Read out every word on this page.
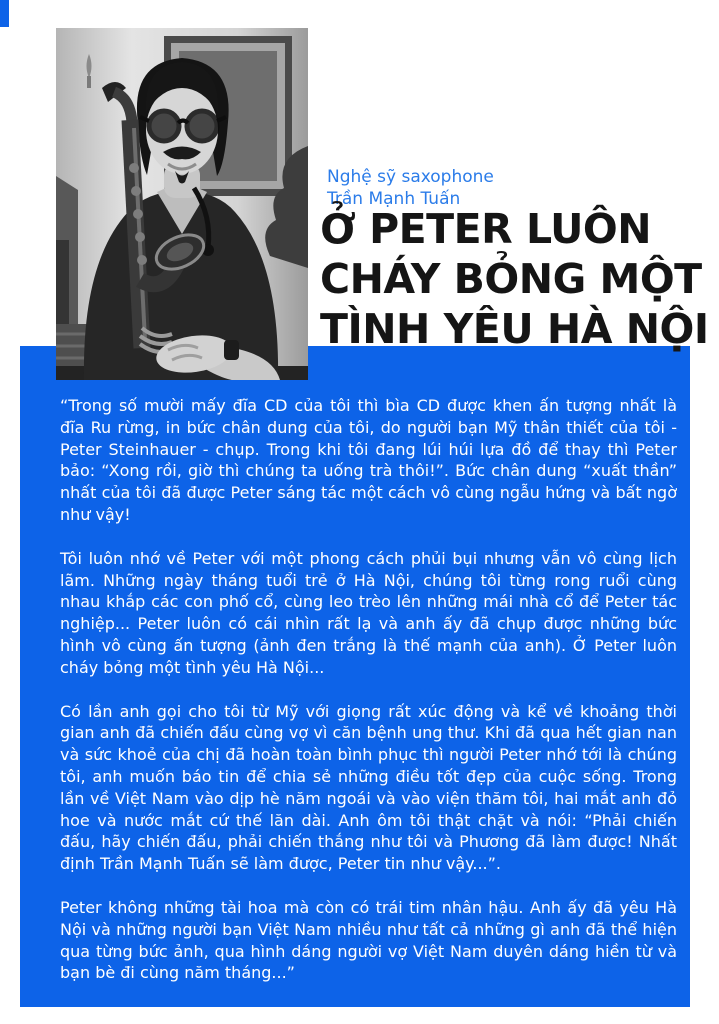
Nghệ sỹ saxophone
Trần Mạnh Tuấn
Ở PETER LUÔN
CHÁY BỎNG MỘT
TÌNH YÊU HÀ NỘI

“Trong số mười mấy đĩa CD của tôi thì bìa CD được khen ấn tượng nhất là đĩa Ru rừng, in bức chân dung của tôi, do người bạn Mỹ thân thiết của tôi - Peter Steinhauer - chụp. Trong khi tôi đang lúi húi lựa đồ để thay thì Peter bảo: “Xong rồi, giờ thì chúng ta uống trà thôi!”. Bức chân dung “xuất thần” nhất của tôi đã được Peter sáng tác một cách vô cùng ngẫu hứng và bất ngờ như vậy!

Tôi luôn nhớ về Peter với một phong cách phủi bụi nhưng vẫn vô cùng lịch lãm. Những ngày tháng tuổi trẻ ở Hà Nội, chúng tôi từng rong ruổi cùng nhau khắp các con phố cổ, cùng leo trèo lên những mái nhà cổ để Peter tác nghiệp... Peter luôn có cái nhìn rất lạ và anh ấy đã chụp được những bức hình vô cùng ấn tượng (ảnh đen trắng là thế mạnh của anh). Ở Peter luôn cháy bỏng một tình yêu Hà Nội...

Có lần anh gọi cho tôi từ Mỹ với giọng rất xúc động và kể về khoảng thời gian anh đã chiến đấu cùng vợ vì căn bệnh ung thư. Khi đã qua hết gian nan và sức khoẻ của chị đã hoàn toàn bình phục thì người Peter nhớ tới là chúng tôi, anh muốn báo tin để chia sẻ những điều tốt đẹp của cuộc sống. Trong lần về Việt Nam vào dịp hè năm ngoái và vào viện thăm tôi, hai mắt anh đỏ hoe và nước mắt cứ thế lăn dài. Anh ôm tôi thật chặt và nói: “Phải chiến đấu, hãy chiến đấu, phải chiến thắng như tôi và Phương đã làm được! Nhất định Trần Mạnh Tuấn sẽ làm được, Peter tin như vậy...”.

Peter không những tài hoa mà còn có trái tim nhân hậu. Anh ấy đã yêu Hà Nội và những người bạn Việt Nam nhiều như tất cả những gì anh đã thể hiện qua từng bức ảnh, qua hình dáng người vợ Việt Nam duyên dáng hiền từ và bạn bè đi cùng năm tháng...”
